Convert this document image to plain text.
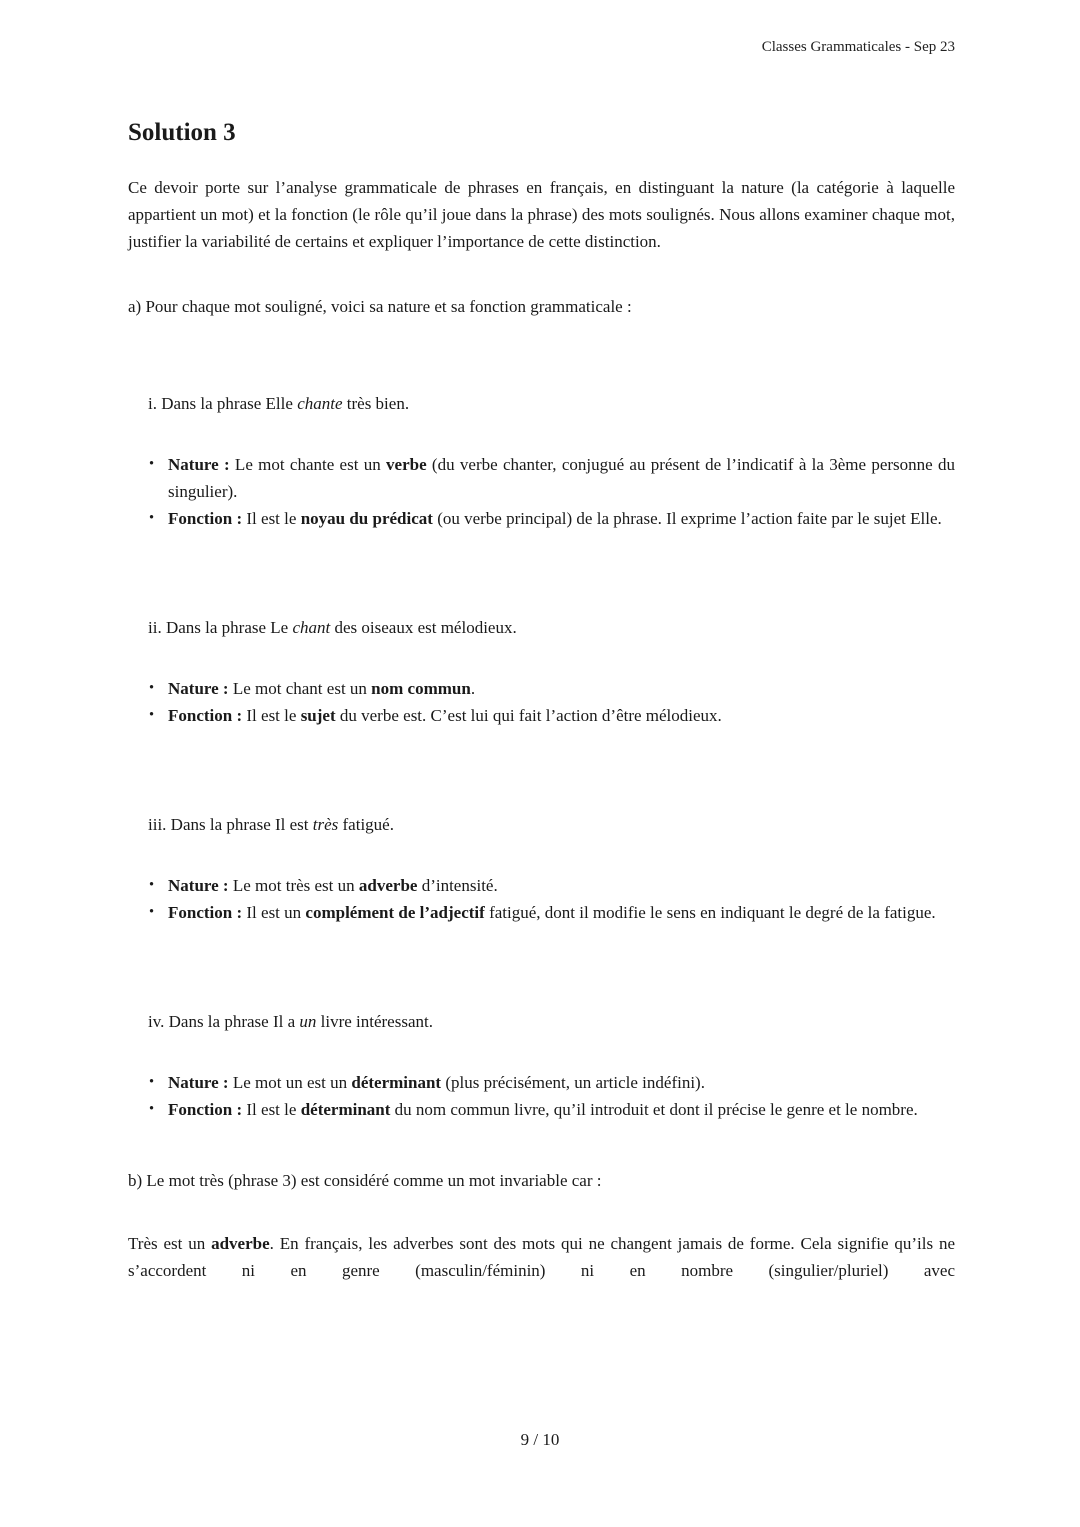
Classes Grammaticales - Sep 23
Solution 3

Ce devoir porte sur l’analyse grammaticale de phrases en français, en distinguant la nature (la catégorie à laquelle appartient un mot) et la fonction (le rôle qu’il joue dans la phrase) des mots soulignés. Nous allons examiner chaque mot, justifier la variabilité de certains et expliquer l’importance de cette distinction.

a) Pour chaque mot souligné, voici sa nature et sa fonction grammaticale :

i. Dans la phrase Elle chante très bien.

• Nature : Le mot chante est un verbe (du verbe chanter, conjugué au présent de l’indicatif à la 3ème personne du singulier).
• Fonction : Il est le noyau du prédicat (ou verbe principal) de la phrase. Il exprime l’action faite par le sujet Elle.

ii. Dans la phrase Le chant des oiseaux est mélodieux.

• Nature : Le mot chant est un nom commun.
• Fonction : Il est le sujet du verbe est. C’est lui qui fait l’action d’être mélodieux.

iii. Dans la phrase Il est très fatigué.

• Nature : Le mot très est un adverbe d’intensité.
• Fonction : Il est un complément de l’adjectif fatigué, dont il modifie le sens en indiquant le degré de la fatigue.

iv. Dans la phrase Il a un livre intéressant.

• Nature : Le mot un est un déterminant (plus précisément, un article indéfini).
• Fonction : Il est le déterminant du nom commun livre, qu’il introduit et dont il précise le genre et le nombre.

b) Le mot très (phrase 3) est considéré comme un mot invariable car :

Très est un adverbe. En français, les adverbes sont des mots qui ne changent jamais de forme. Cela signifie qu’ils ne s’accordent ni en genre (masculin/féminin) ni en nombre (singulier/pluriel) avec

9 / 10
